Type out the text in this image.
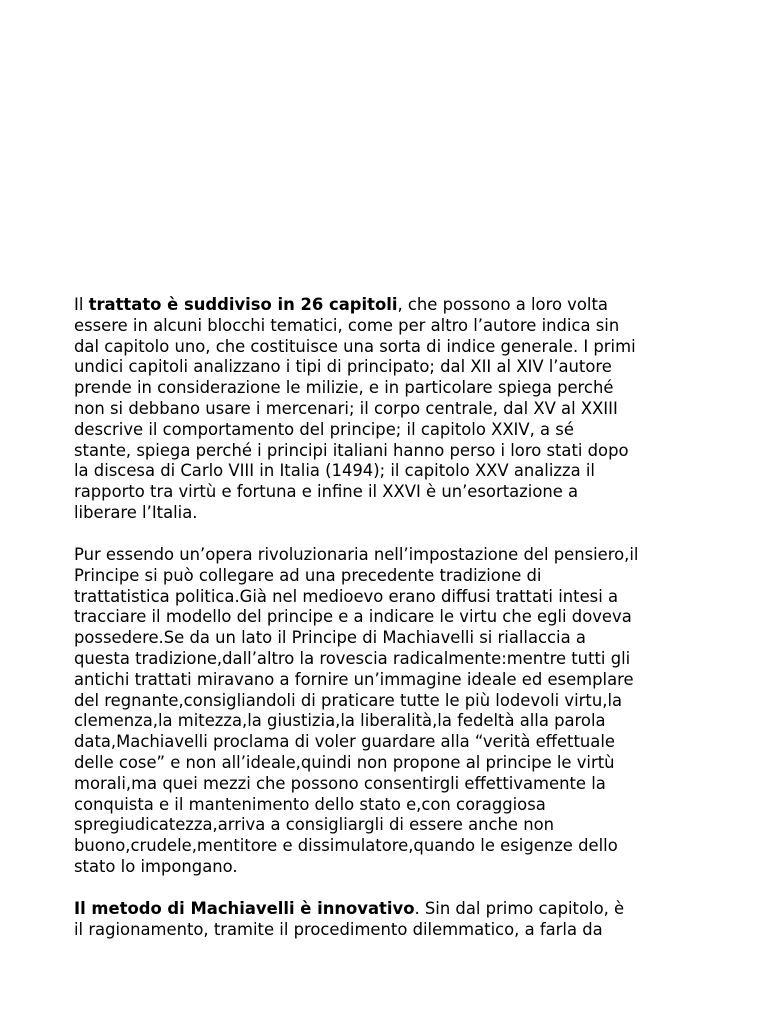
Il trattato è suddiviso in 26 capitoli, che possono a loro volta
essere in alcuni blocchi tematici, come per altro l’autore indica sin
dal capitolo uno, che costituisce una sorta di indice generale. I primi
undici capitoli analizzano i tipi di principato; dal XII al XIV l’autore
prende in considerazione le milizie, e in particolare spiega perché
non si debbano usare i mercenari; il corpo centrale, dal XV al XXIII
descrive il comportamento del principe; il capitolo XXIV, a sé
stante, spiega perché i principi italiani hanno perso i loro stati dopo
la discesa di Carlo VIII in Italia (1494); il capitolo XXV analizza il
rapporto tra virtù e fortuna e infine il XXVI è un’esortazione a
liberare l’Italia.
Pur essendo un’opera rivoluzionaria nell’impostazione del pensiero,il
Principe si può collegare ad una precedente tradizione di
trattatistica politica.Già nel medioevo erano diffusi trattati intesi a
tracciare il modello del principe e a indicare le virtu che egli doveva
possedere.Se da un lato il Principe di Machiavelli si riallaccia a
questa tradizione,dall’altro la rovescia radicalmente:mentre tutti gli
antichi trattati miravano a fornire un’immagine ideale ed esemplare
del regnante,consigliandoli di praticare tutte le più lodevoli virtu,la
clemenza,la mitezza,la giustizia,la liberalità,la fedeltà alla parola
data,Machiavelli proclama di voler guardare alla “verità effettuale
delle cose” e non all’ideale,quindi non propone al principe le virtù
morali,ma quei mezzi che possono consentirgli effettivamente la
conquista e il mantenimento dello stato e,con coraggiosa
spregiudicatezza,arriva a consigliargli di essere anche non
buono,crudele,mentitore e dissimulatore,quando le esigenze dello
stato lo impongano.
Il metodo di Machiavelli è innovativo. Sin dal primo capitolo, è
il ragionamento, tramite il procedimento dilemmatico, a farla da
